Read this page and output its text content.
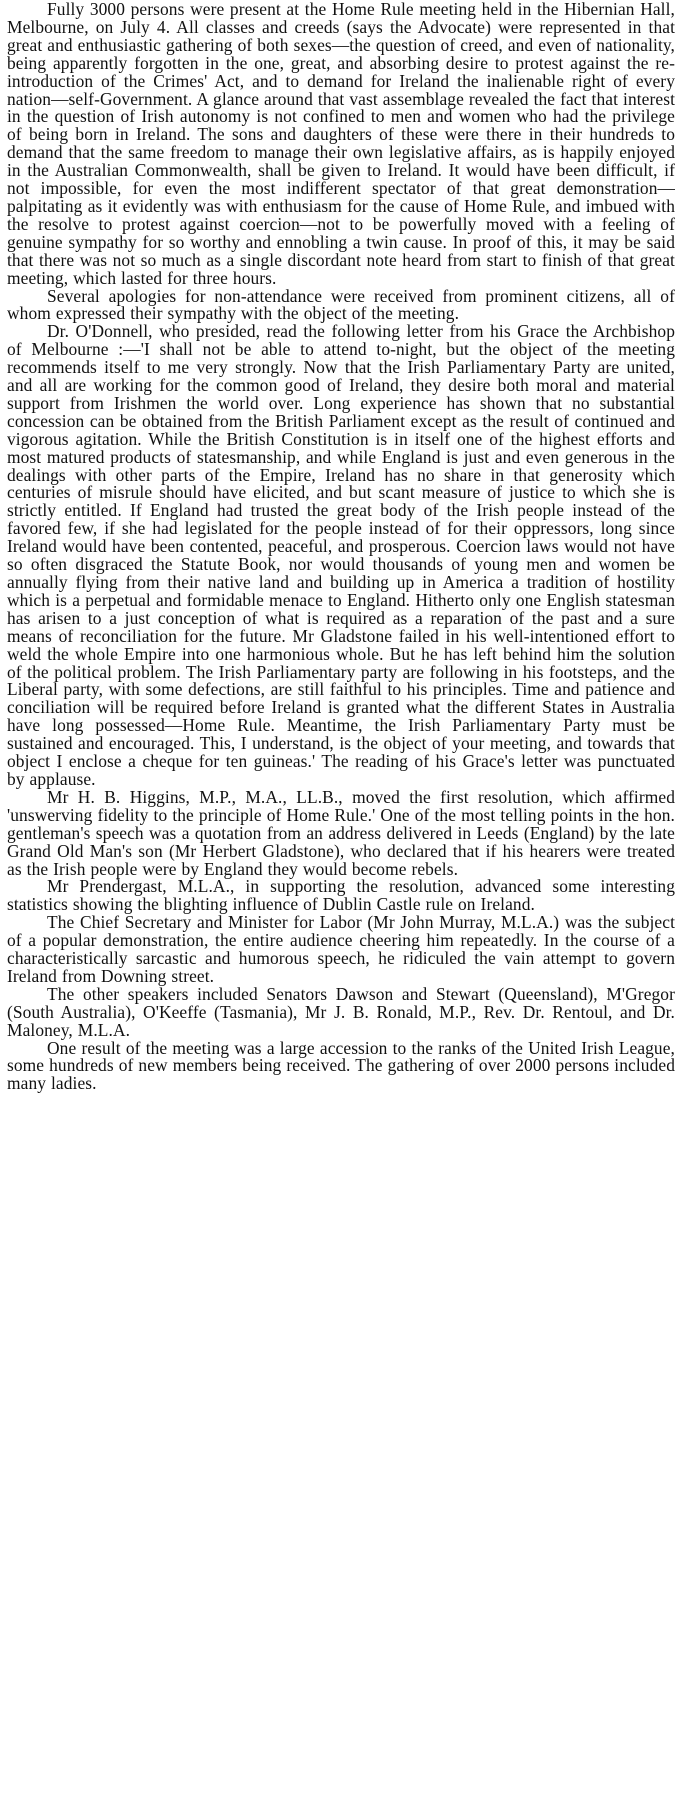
Fully 3000 persons were present at the Home Rule meeting held in the Hibernian Hall, Melbourne, on July 4. All classes and creeds (says the Advocate) were represented in that great and enthusiastic gathering of both sexes—the question of creed, and even of nationality, being apparently forgotten in the one, great, and absorbing desire to protest against the re-introduction of the Crimes' Act, and to demand for Ireland the inalienable right of every nation—self-Government. A glance around that vast assemblage revealed the fact that interest in the question of Irish autonomy is not confined to men and women who had the privilege of being born in Ireland. The sons and daughters of these were there in their hundreds to demand that the same freedom to manage their own legislative affairs, as is happily enjoyed in the Australian Commonwealth, shall be given to Ireland. It would have been difficult, if not impossible, for even the most indifferent spectator of that great demonstration—palpitating as it evidently was with enthusiasm for the cause of Home Rule, and imbued with the resolve to protest against coercion—not to be powerfully moved with a feeling of genuine sympathy for so worthy and ennobling a twin cause. In proof of this, it may be said that there was not so much as a single discordant note heard from start to finish of that great meeting, which lasted for three hours.

Several apologies for non-attendance were received from prominent citizens, all of whom expressed their sympathy with the object of the meeting.

Dr. O'Donnell, who presided, read the following letter from his Grace the Archbishop of Melbourne :—'I shall not be able to attend to-night, but the object of the meeting recommends itself to me very strongly. Now that the Irish Parliamentary Party are united, and all are working for the common good of Ireland, they desire both moral and material support from Irishmen the world over. Long experience has shown that no substantial concession can be obtained from the British Parliament except as the result of continued and vigorous agitation. While the British Constitution is in itself one of the highest efforts and most matured products of statesmanship, and while England is just and even generous in the dealings with other parts of the Empire, Ireland has no share in that generosity which centuries of misrule should have elicited, and but scant measure of justice to which she is strictly entitled. If England had trusted the great body of the Irish people instead of the favored few, if she had legislated for the people instead of for their oppressors, long since Ireland would have been contented, peaceful, and prosperous. Coercion laws would not have so often disgraced the Statute Book, nor would thousands of young men and women be annually flying from their native land and building up in America a tradition of hostility which is a perpetual and formidable menace to England. Hitherto only one English statesman has arisen to a just conception of what is required as a reparation of the past and a sure means of reconciliation for the future. Mr Gladstone failed in his well-intentioned effort to weld the whole Empire into one harmonious whole. But he has left behind him the solution of the political problem. The Irish Parliamentary party are following in his footsteps, and the Liberal party, with some defections, are still faithful to his principles. Time and patience and conciliation will be required before Ireland is granted what the different States in Australia have long possessed—Home Rule. Meantime, the Irish Parliamentary Party must be sustained and encouraged. This, I understand, is the object of your meeting, and towards that object I enclose a cheque for ten guineas.' The reading of his Grace's letter was punctuated by applause.

Mr H. B. Higgins, M.P., M.A., LL.B., moved the first resolution, which affirmed 'unswerving fidelity to the principle of Home Rule.' One of the most telling points in the hon. gentleman's speech was a quotation from an address delivered in Leeds (England) by the late Grand Old Man's son (Mr Herbert Gladstone), who declared that if his hearers were treated as the Irish people were by England they would become rebels.

Mr Prendergast, M.L.A., in supporting the resolution, advanced some interesting statistics showing the blighting influence of Dublin Castle rule on Ireland.

The Chief Secretary and Minister for Labor (Mr John Murray, M.L.A.) was the subject of a popular demonstration, the entire audience cheering him repeatedly. In the course of a characteristically sarcastic and humorous speech, he ridiculed the vain attempt to govern Ireland from Downing street.

The other speakers included Senators Dawson and Stewart (Queensland), M'Gregor (South Australia), O'Keeffe (Tasmania), Mr J. B. Ronald, M.P., Rev. Dr. Rentoul, and Dr. Maloney, M.L.A.

One result of the meeting was a large accession to the ranks of the United Irish League, some hundreds of new members being received. The gathering of over 2000 persons included many ladies.
